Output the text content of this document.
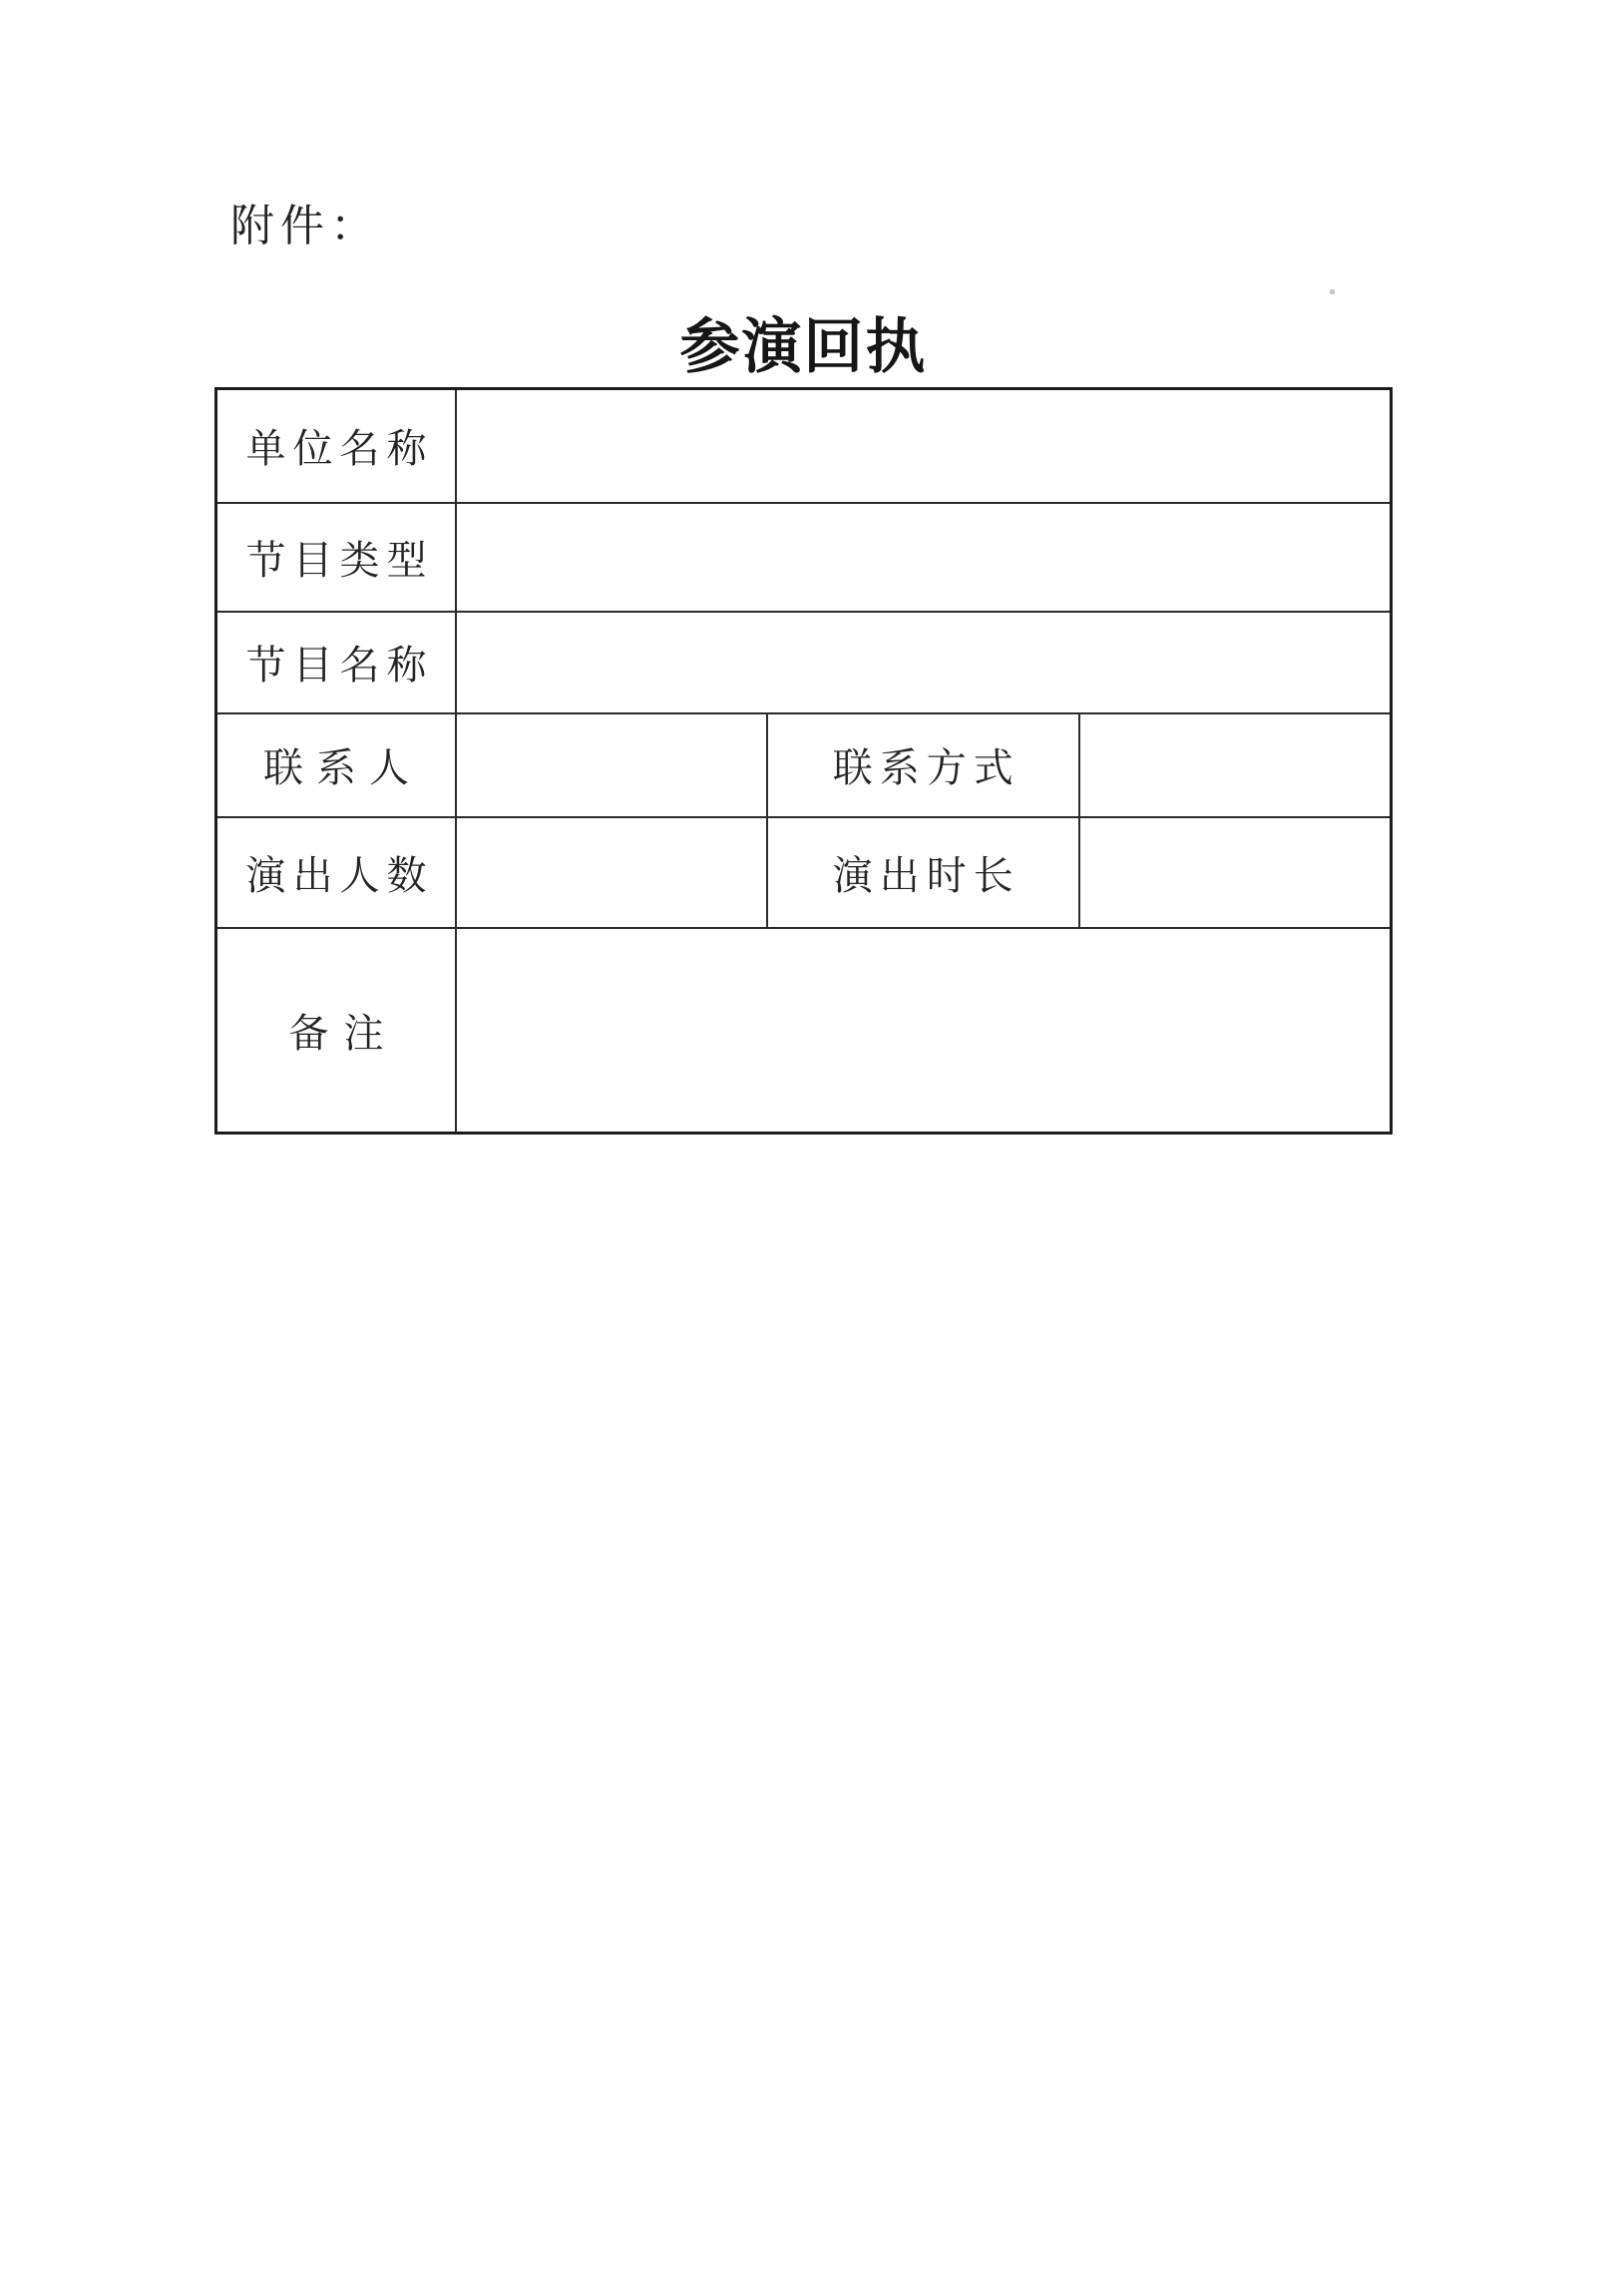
附件：
参演回执
单位名称			
节目类型			
节目名称			
联系人		联系方式	
演出人数		演出时长	
备注			
